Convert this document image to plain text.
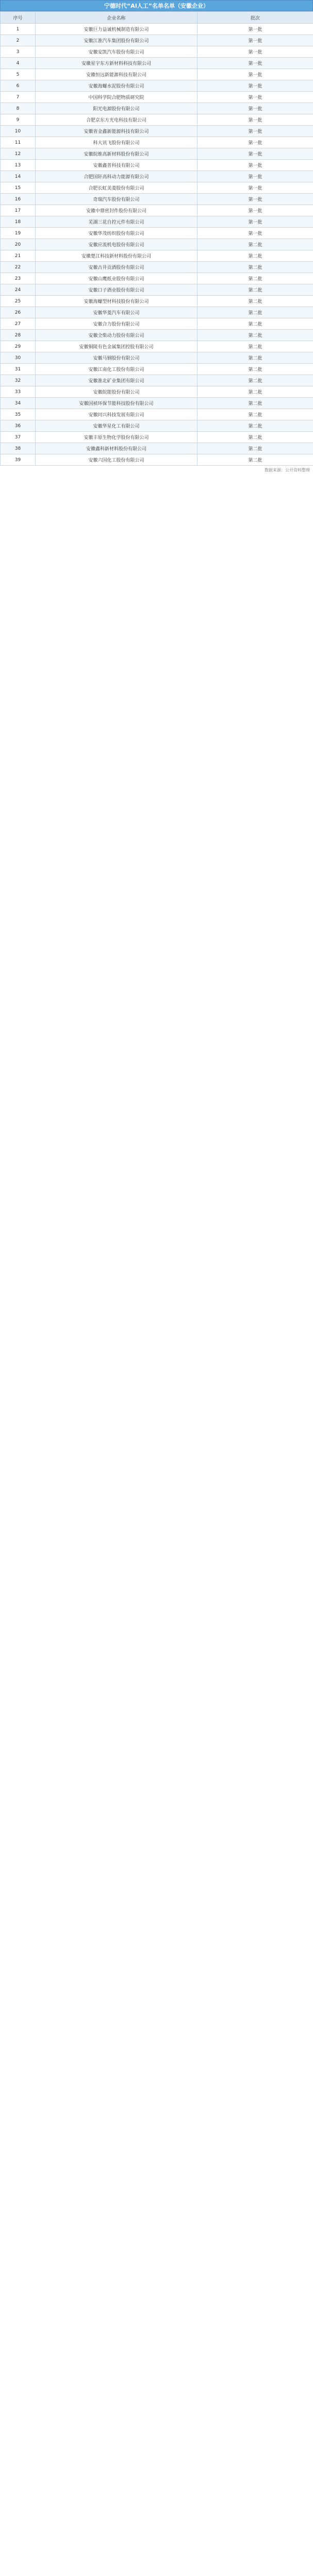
宁德时代“AI人工”名单名单（安徽企业）
序号	企业名称	批次
1	安徽巨力益诚机械制造有限公司	第一批
2	安徽江淮汽车集团股份有限公司	第一批
3	安徽安凯汽车股份有限公司	第一批
4	安徽星宇东方新材料科技有限公司	第一批
5	安徽恒远新能源科技有限公司	第一批
6	安徽海螺水泥股份有限公司	第一批
7	中国科学院合肥物质研究院	第一批
8	阳光电源股份有限公司	第一批
9	合肥京东方光电科技有限公司	第一批
10	安徽省金鑫新能源科技有限公司	第一批
11	科大讯飞股份有限公司	第一批
12	安徽皖维高新材料股份有限公司	第一批
13	安徽鑫普科技有限公司	第一批
14	合肥国轩高科动力能源有限公司	第一批
15	合肥长虹美菱股份有限公司	第一批
16	奇瑞汽车股份有限公司	第一批
17	安徽中鼎密封件股份有限公司	第一批
18	芜湖三花自控元件有限公司	第一批
19	安徽华茂纺织股份有限公司	第一批
20	安徽应流机电股份有限公司	第二批
21	安徽楚江科技新材料股份有限公司	第二批
22	安徽古井贡酒股份有限公司	第二批
23	安徽山鹰纸业股份有限公司	第二批
24	安徽口子酒业股份有限公司	第二批
25	安徽海螺型材科技股份有限公司	第二批
26	安徽华菱汽车有限公司	第二批
27	安徽合力股份有限公司	第二批
28	安徽全柴动力股份有限公司	第二批
29	安徽铜陵有色金属集团控股有限公司	第二批
30	安徽马钢股份有限公司	第二批
31	安徽江南化工股份有限公司	第二批
32	安徽淮北矿业集团有限公司	第二批
33	安徽皖能股份有限公司	第二批
34	安徽国祯环保节能科技股份有限公司	第二批
35	安徽同兴科技发展有限公司	第二批
36	安徽华星化工有限公司	第二批
37	安徽丰原生物化学股份有限公司	第二批
38	安徽鑫科新材料股份有限公司	第二批
39	安徽六国化工股份有限公司	第二批
数据来源：公开资料整理
